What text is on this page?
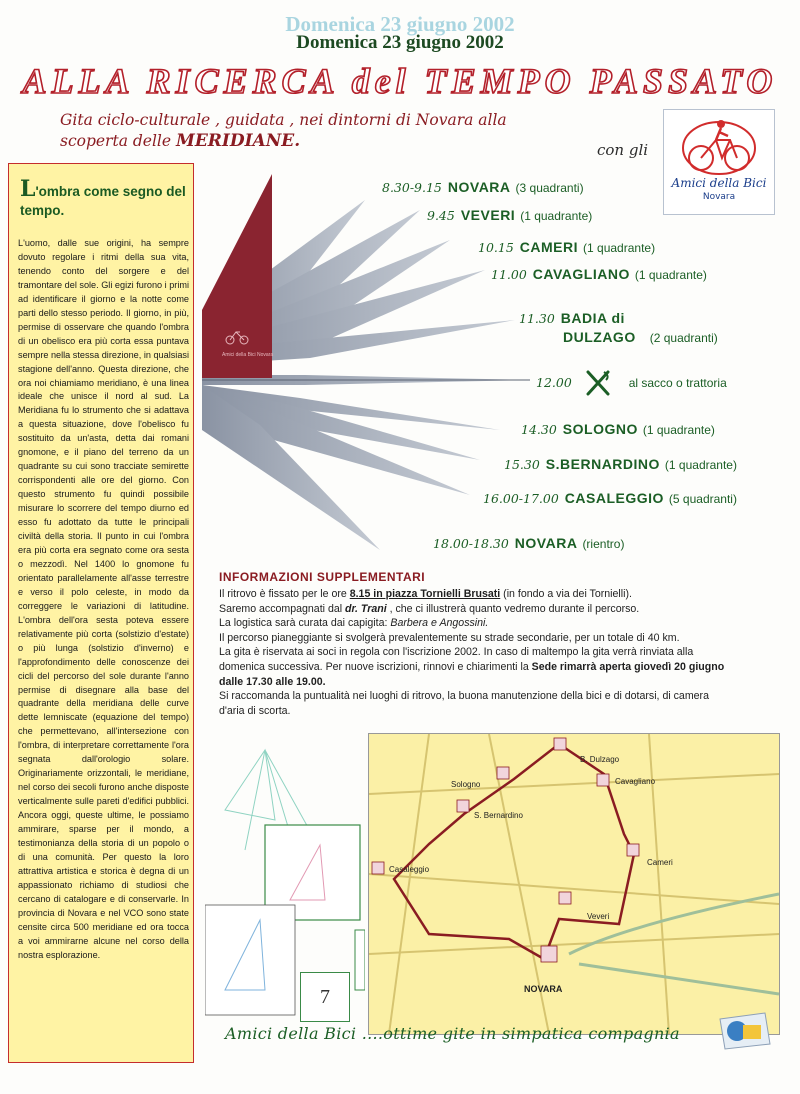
Domenica 23 giugno 2002
Domenica 23 giugno 2002
ALLA RICERCA del TEMPO PASSATO
Gita ciclo-culturale , guidata , nei dintorni di Novara alla
scoperta delle MERIDIANE.	con gli
Amici della Bici
Novara
L'ombra come segno del tempo.
L'uomo, dalle sue origini, ha sempre dovuto regolare i ritmi della sua vita, tenendo conto del sorgere e del tramontare del sole. Gli egizi furono i primi ad identificare il giorno e la notte come parti dello stesso periodo. Il giorno, in più, permise di osservare che quando l'ombra di un obelisco era più corta essa puntava sempre nella stessa direzione, in qualsiasi stagione dell'anno. Questa direzione, che ora noi chiamiamo meridiano, è una linea ideale che unisce il nord al sud. La Meridiana fu lo strumento che si adattava a questa situazione, dove l'obelisco fu sostituito da un'asta, detta dai romani gnomone, e il piano del terreno da un quadrante su cui sono tracciate semirette corrispondenti alle ore del giorno. Con questo strumento fu quindi possibile misurare lo scorrere del tempo diurno ed esso fu adottato da tutte le principali civiltà della storia. Il punto in cui l'ombra era più corta era segnato come ora sesta o mezzodì. Nel 1400 lo gnomone fu orientato parallelamente all'asse terrestre e verso il polo celeste, in modo da correggere le variazioni di latitudine. L'ombra dell'ora sesta poteva essere relativamente più corta (solstizio d'estate) o più lunga (solstizio d'inverno) e l'approfondimento delle conoscenze dei cicli del percorso del sole durante l'anno permise di disegnare alla base del quadrante della meridiana delle curve dette lemniscate (equazione del tempo) che permettevano, all'intersezione con l'ombra, di interpretare correttamente l'ora segnata dall'orologio solare. Originariamente orizzontali, le meridiane, nel corso dei secoli furono anche disposte verticalmente sulle pareti d'edifici pubblici. Ancora oggi, queste ultime, le possiamo ammirare, sparse per il mondo, a testimonianza della storia di un popolo o di una comunità. Per questo la loro attrattiva artistica e storica è degna di un appassionato richiamo di studiosi che cercano di catalogare e di conservarle. In provincia di Novara e nel VCO sono state censite circa 500 meridiane ed ora tocca a voi ammirarne alcune nel corso della nostra esplorazione.
Amici della Bici Novara
8.30-9.15 NOVARA (3 quadranti)
9.45 VEVERI (1 quadrante)
10.15 CAMERI (1 quadrante)
11.00 CAVAGLIANO (1 quadrante)
11.30 BADIA di
DULZAGO (2 quadranti)
12.00	al sacco o trattoria
14.30 SOLOGNO (1 quadrante)
15.30 S.BERNARDINO (1 quadrante)
16.00-17.00 CASALEGGIO (5 quadranti)
18.00-18.30 NOVARA (rientro)
INFORMAZIONI SUPPLEMENTARI
Il ritrovo è fissato per le ore 8.15 in piazza Tornielli Brusati (in fondo a via dei Tornielli).
Saremo accompagnati dal dr. Trani , che ci illustrerà quanto vedremo durante il percorso.
La logistica sarà curata dai capigita: Barbera e Angossini.
Il percorso pianeggiante si svolgerà prevalentemente su strade secondarie, per un totale di 40 km.
La gita è riservata ai soci in regola con l'iscrizione 2002. In caso di maltempo la gita verrà rinviata alla
domenica successiva. Per nuove iscrizioni, rinnovi e chiarimenti la Sede rimarrà aperta giovedì 20 giugno
dalle 17.30 alle 19.00.
Si raccomanda la puntualità nei luoghi di ritrovo, la buona manutenzione della bici e di dotarsi, di camera
d'aria di scorta.
7
B. Dulzago
Sologno	Cavagliano
S. Bernardino
Cameri
Casaleggio
Veveri
NOVARA
Amici della Bici ....ottime gite in simpatica compagnia
